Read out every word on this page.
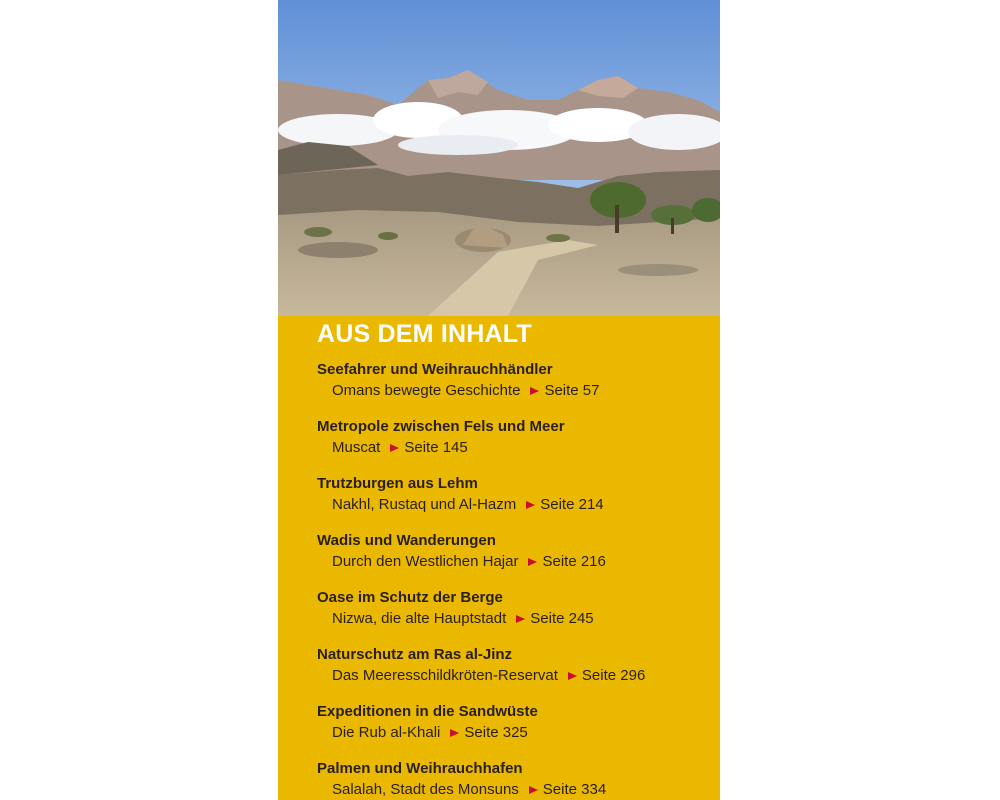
AUS DEM INHALT
Seefahrer und Weihrauchhändler
Omans bewegte Geschichte Seite 57
Metropole zwischen Fels und Meer
Muscat Seite 145
Trutzburgen aus Lehm
Nakhl, Rustaq und Al-Hazm Seite 214
Wadis und Wanderungen
Durch den Westlichen Hajar Seite 216
Oase im Schutz der Berge
Nizwa, die alte Hauptstadt Seite 245
Naturschutz am Ras al-Jinz
Das Meeresschildkröten-Reservat Seite 296
Expeditionen in die Sandwüste
Die Rub al-Khali Seite 325
Palmen und Weihrauchhafen
Salalah, Stadt des Monsuns Seite 334
